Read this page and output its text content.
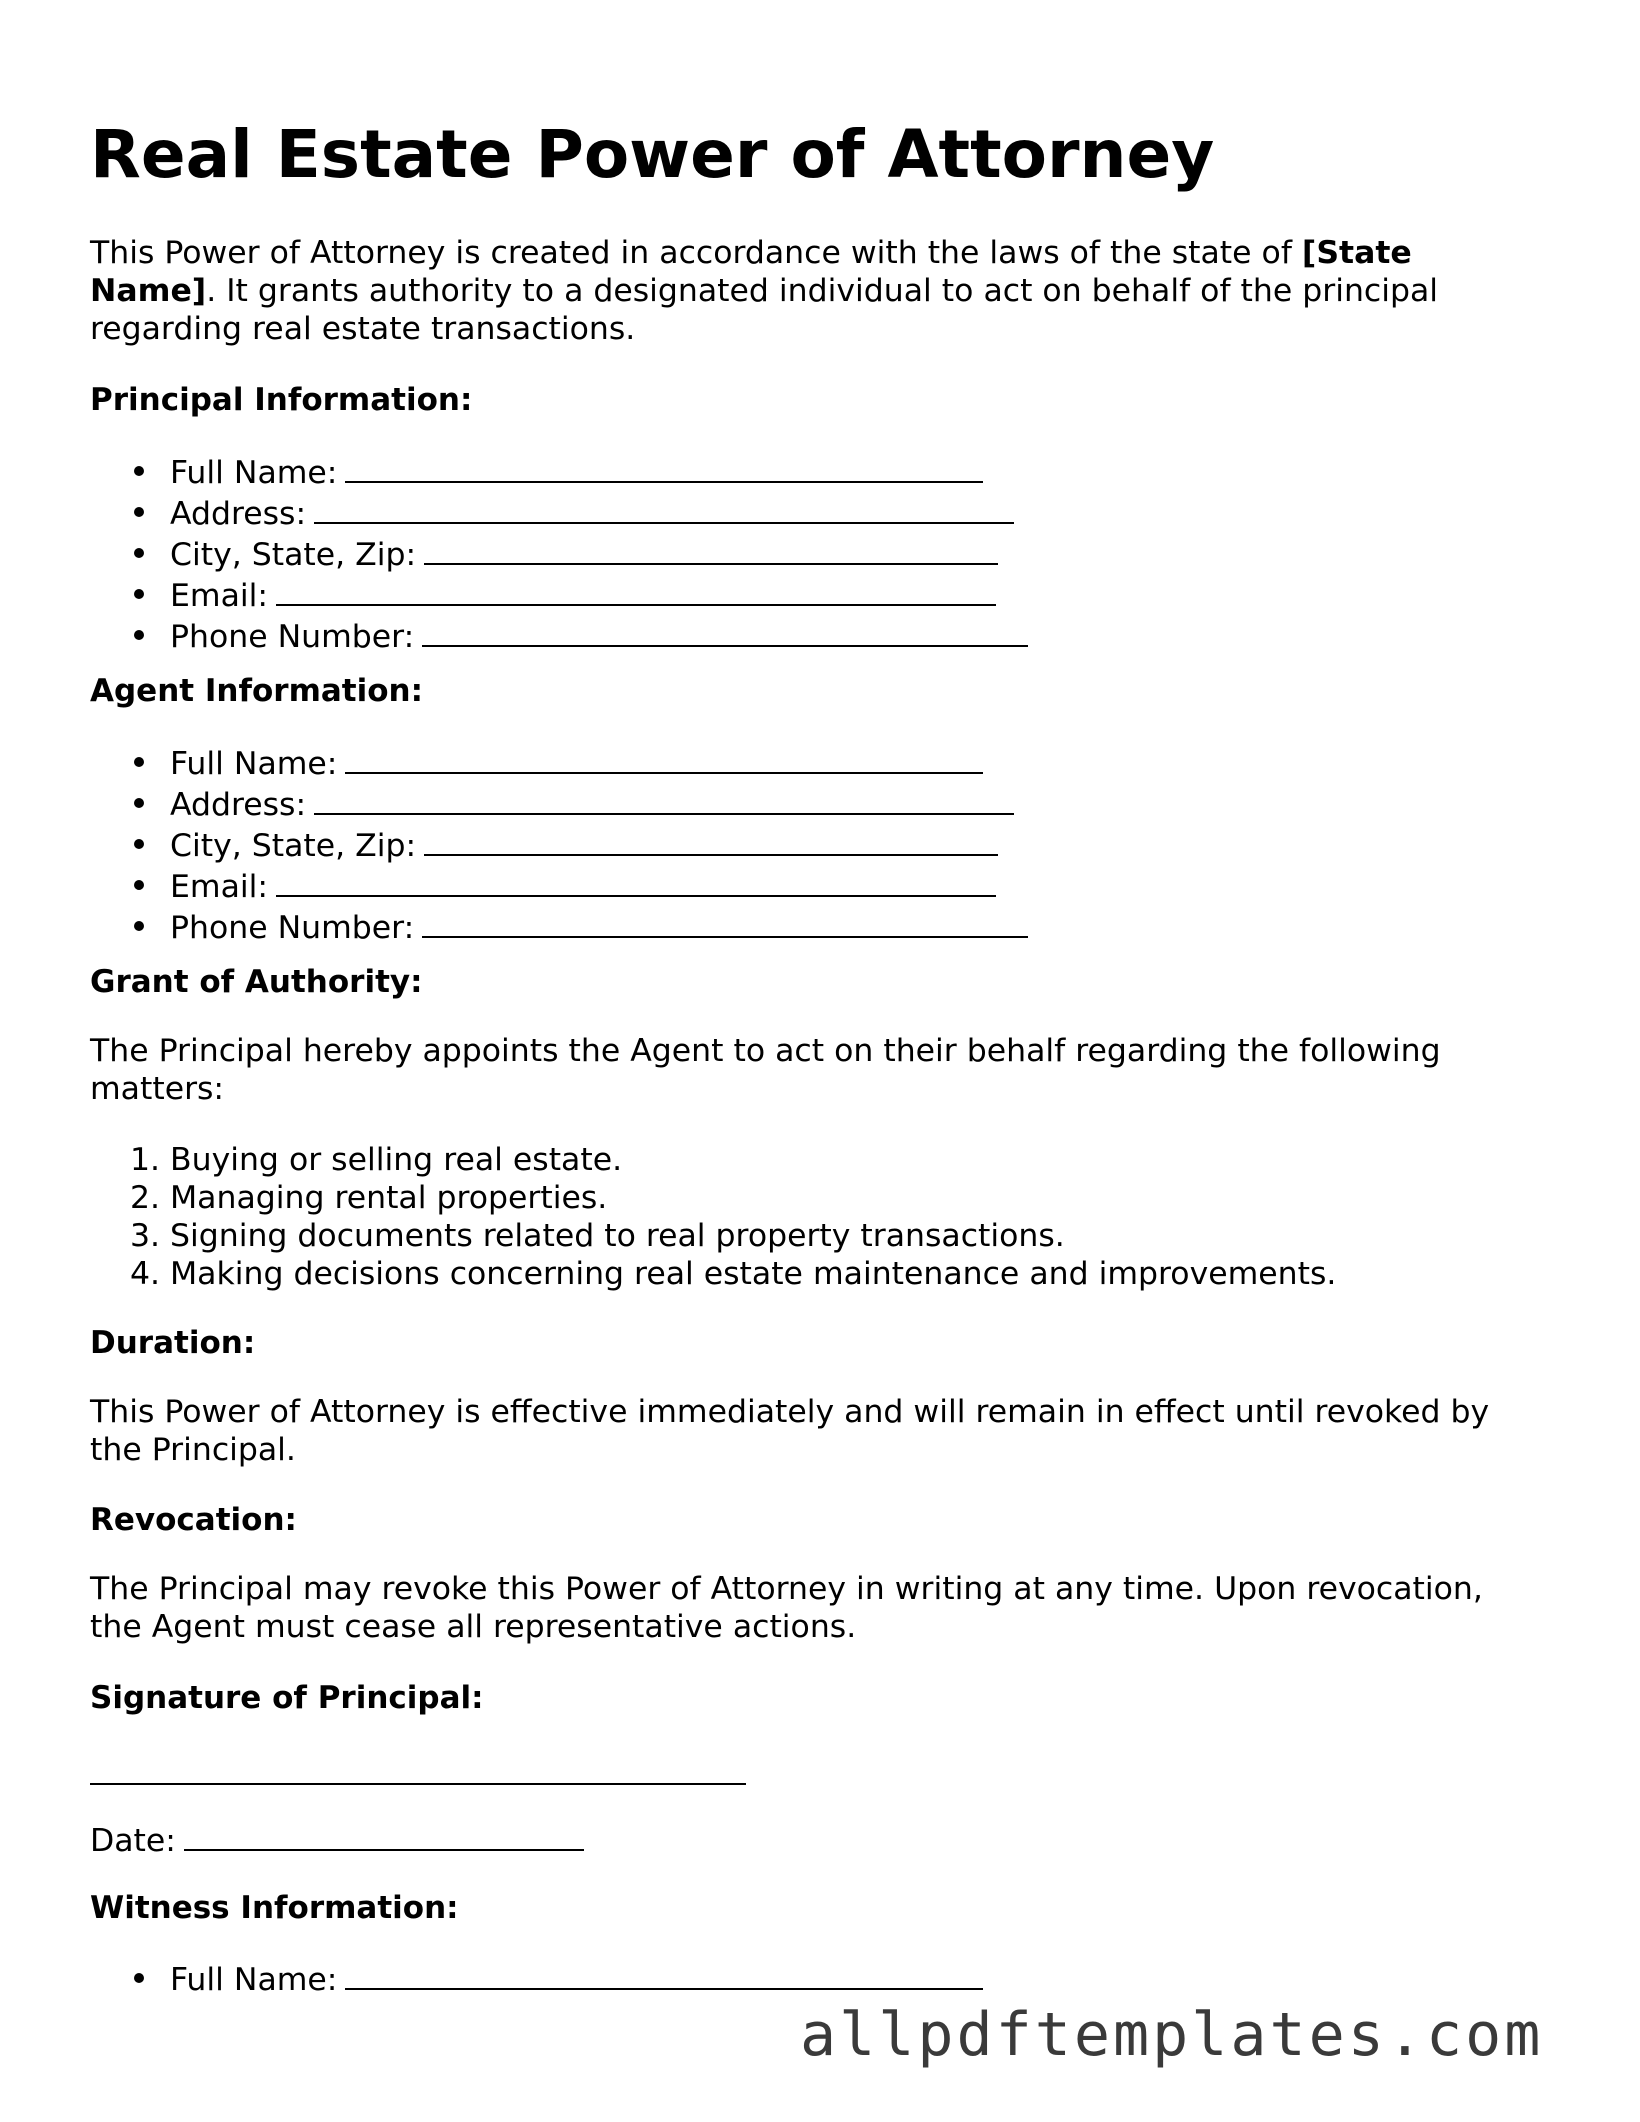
Real Estate Power of Attorney

This Power of Attorney is created in accordance with the laws of the state of [State Name]. It grants authority to a designated individual to act on behalf of the principal regarding real estate transactions.

Principal Information:
Full Name:
Address:
City, State, Zip:
Email:
Phone Number:
Agent Information:
Full Name:
Address:
City, State, Zip:
Email:
Phone Number:
Grant of Authority:

The Principal hereby appoints the Agent to act on their behalf regarding the following matters:

1. Buying or selling real estate.
2. Managing rental properties.
3. Signing documents related to real property transactions.
4. Making decisions concerning real estate maintenance and improvements.
Duration:

This Power of Attorney is effective immediately and will remain in effect until revoked by the Principal.

Revocation:

The Principal may revoke this Power of Attorney in writing at any time. Upon revocation, the Agent must cease all representative actions.

Signature of Principal:
Date:
Witness Information:
Full Name:
allpdftemplates.com
